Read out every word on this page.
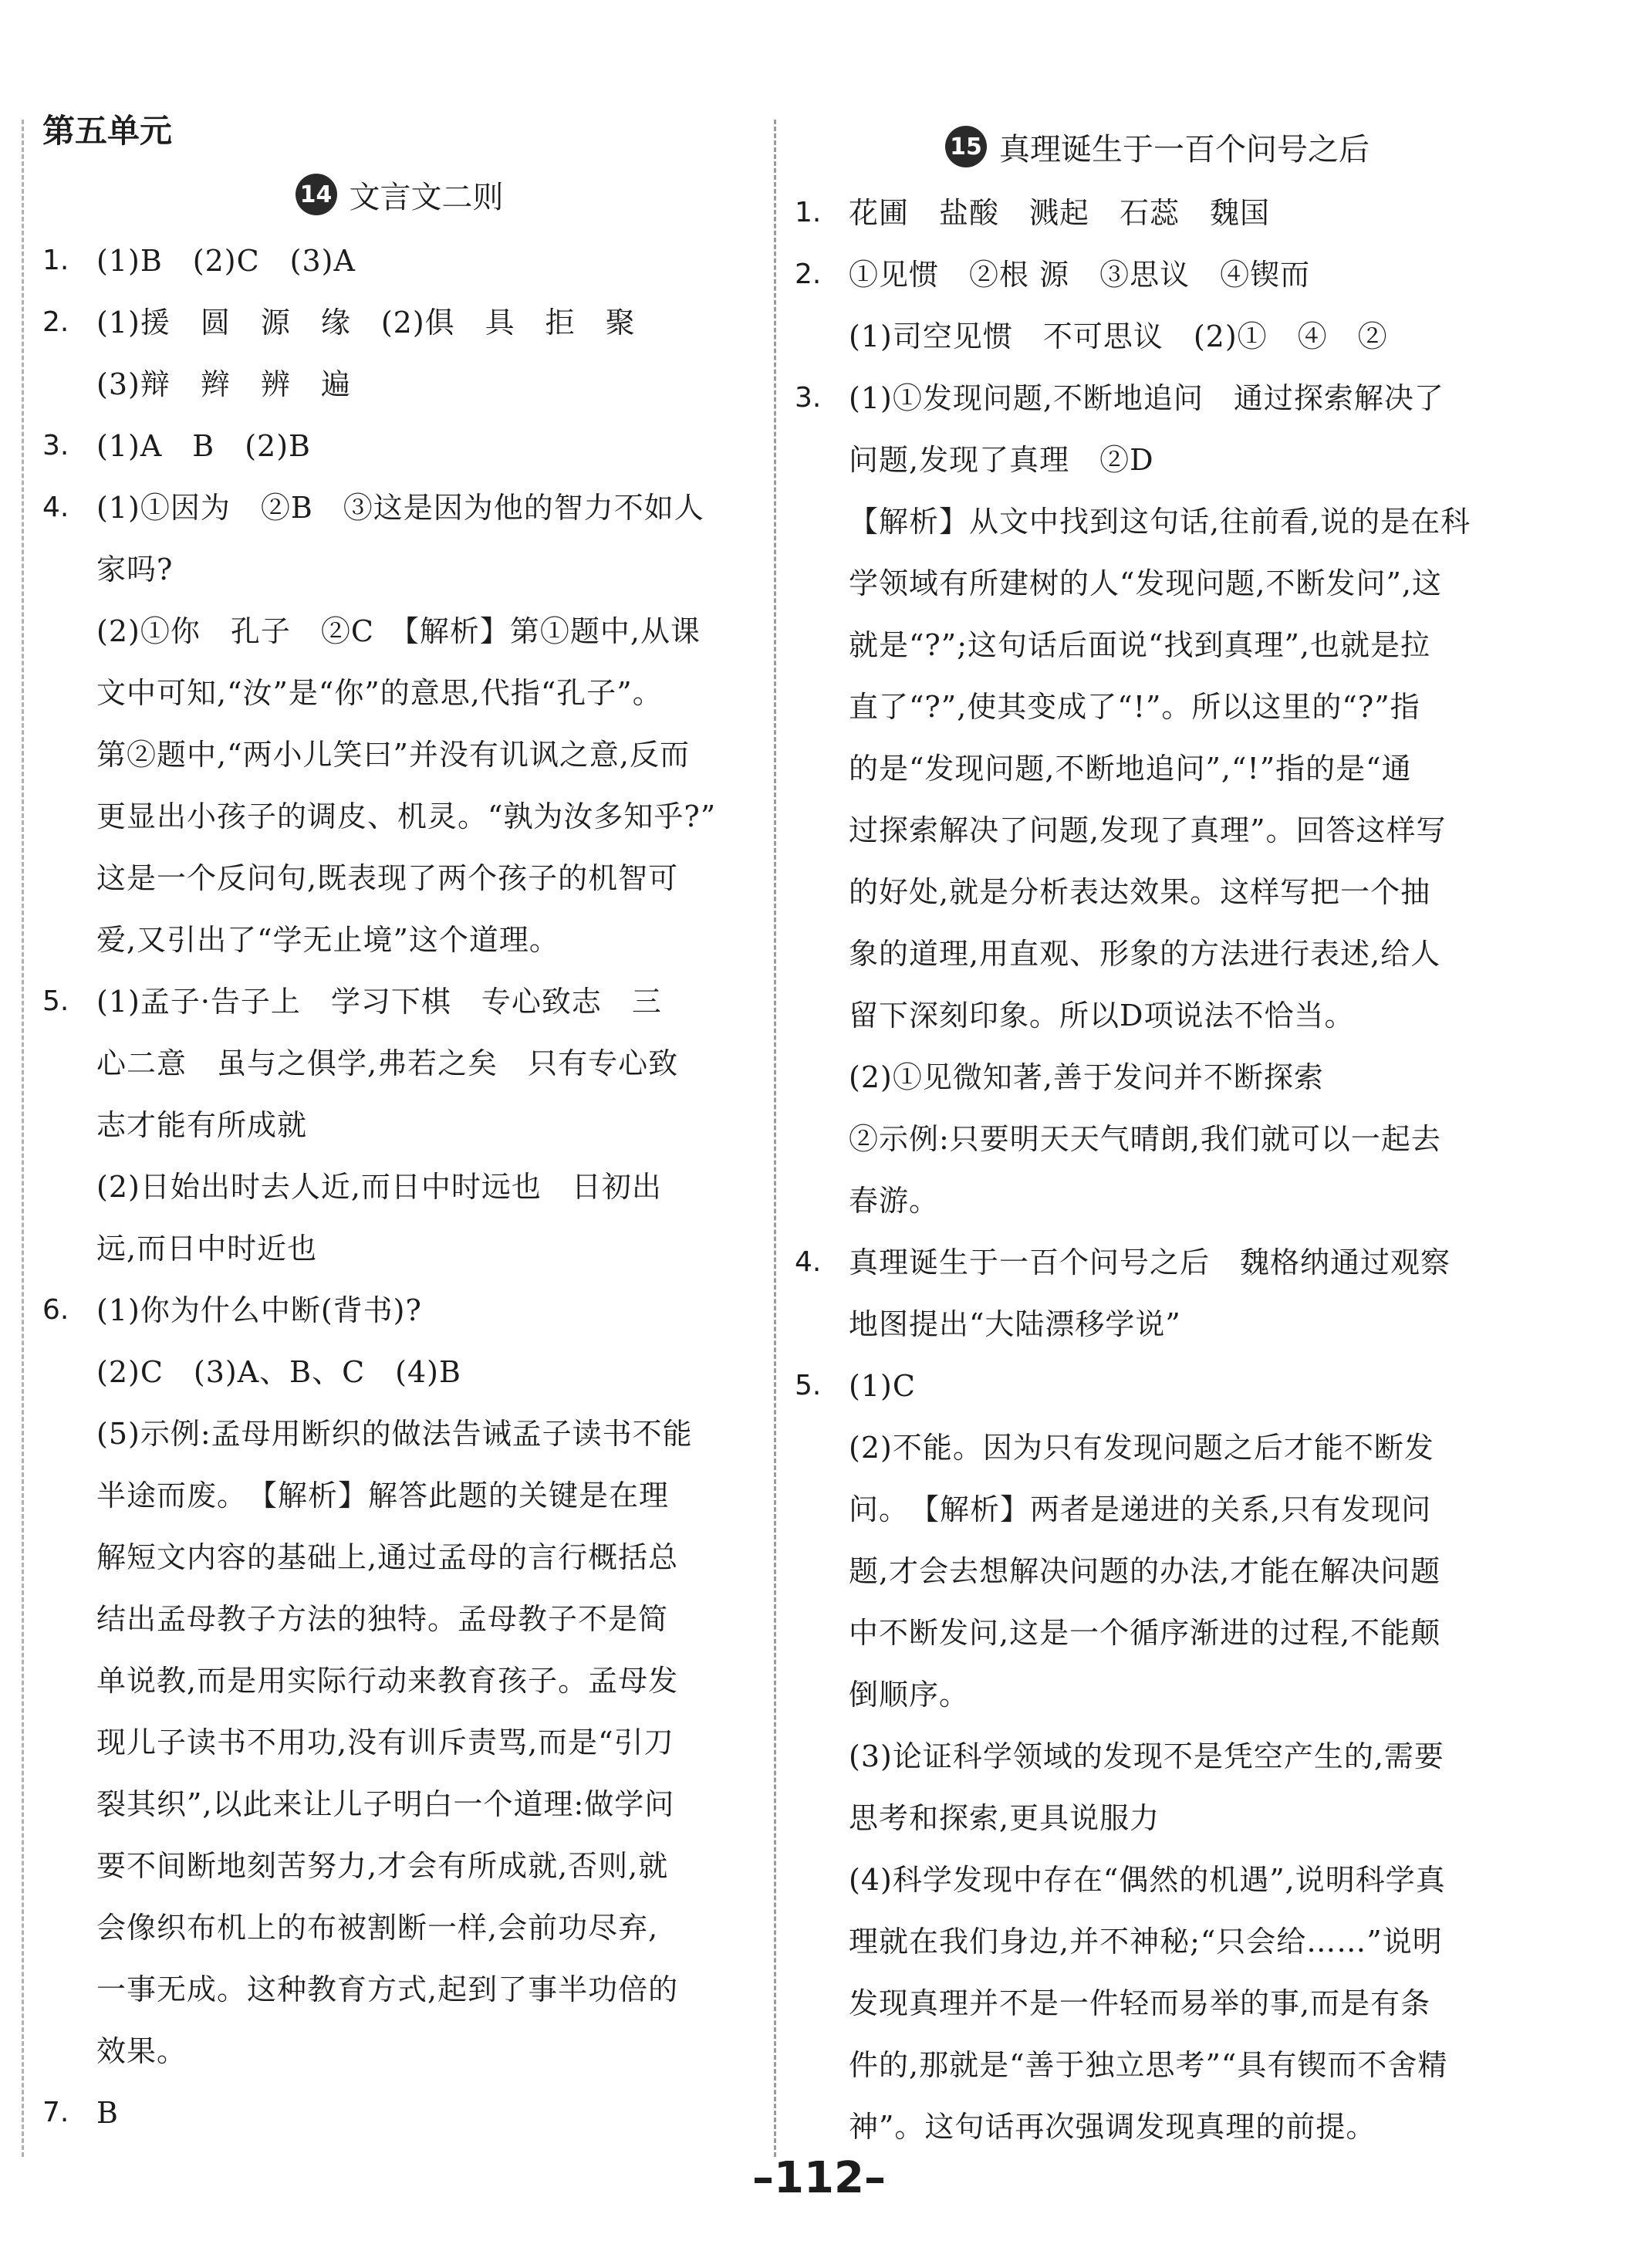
第五单元
14 文言文二则
1. (1)B　(2)C　(3)A
2. (1)援　圆　源　缘　(2)俱　具　拒　聚
(3)辩　辫　辨　遍
3. (1)A　B　(2)B
4. (1)①因为　②B　③这是因为他的智力不如人
家吗?
(2)①你　孔子　②C　【解析】第①题中,从课
文中可知,“汝”是“你”的意思,代指“孔子”。
第②题中,“两小儿笑曰”并没有讥讽之意,反而
更显出小孩子的调皮、机灵。“孰为汝多知乎?”
这是一个反问句,既表现了两个孩子的机智可
爱,又引出了“学无止境”这个道理。
5. (1)孟子·告子上　学习下棋　专心致志　三
心二意　虽与之俱学,弗若之矣　只有专心致
志才能有所成就
(2)日始出时去人近,而日中时远也　日初出
远,而日中时近也
6. (1)你为什么中断(背书)?
(2)C　(3)A、B、C　(4)B
(5)示例:孟母用断织的做法告诫孟子读书不能
半途而废。　【解析】解答此题的关键是在理
解短文内容的基础上,通过孟母的言行概括总
结出孟母教子方法的独特。孟母教子不是简
单说教,而是用实际行动来教育孩子。孟母发
现儿子读书不用功,没有训斥责骂,而是“引刀
裂其织”,以此来让儿子明白一个道理:做学问
要不间断地刻苦努力,才会有所成就,否则,就
会像织布机上的布被割断一样,会前功尽弃,
一事无成。这种教育方式,起到了事半功倍的
效果。
7. B
15 真理诞生于一百个问号之后
1. 花圃　盐酸　溅起　石蕊　魏国
2. ①见惯　②根 源　③思议　④锲而
(1)司空见惯　不可思议　(2)①　④　②
3. (1)①发现问题,不断地追问　通过探索解决了
问题,发现了真理　②D
【解析】从文中找到这句话,往前看,说的是在科
学领域有所建树的人“发现问题,不断发问”,这
就是“?”;这句话后面说“找到真理”,也就是拉
直了“?”,使其变成了“!”。所以这里的“?”指
的是“发现问题,不断地追问”,“!”指的是“通
过探索解决了问题,发现了真理”。回答这样写
的好处,就是分析表达效果。这样写把一个抽
象的道理,用直观、形象的方法进行表述,给人
留下深刻印象。所以D项说法不恰当。
(2)①见微知著,善于发问并不断探索
②示例:只要明天天气晴朗,我们就可以一起去
春游。
4. 真理诞生于一百个问号之后　魏格纳通过观察
地图提出“大陆漂移学说”
5. (1)C
(2)不能。因为只有发现问题之后才能不断发
问。　【解析】两者是递进的关系,只有发现问
题,才会去想解决问题的办法,才能在解决问题
中不断发问,这是一个循序渐进的过程,不能颠
倒顺序。
(3)论证科学领域的发现不是凭空产生的,需要
思考和探索,更具说服力
(4)科学发现中存在“偶然的机遇”,说明科学真
理就在我们身边,并不神秘;“只会给……”说明
发现真理并不是一件轻而易举的事,而是有条
件的,那就是“善于独立思考”“具有锲而不舍精
神”。这句话再次强调发现真理的前提。
–112–
